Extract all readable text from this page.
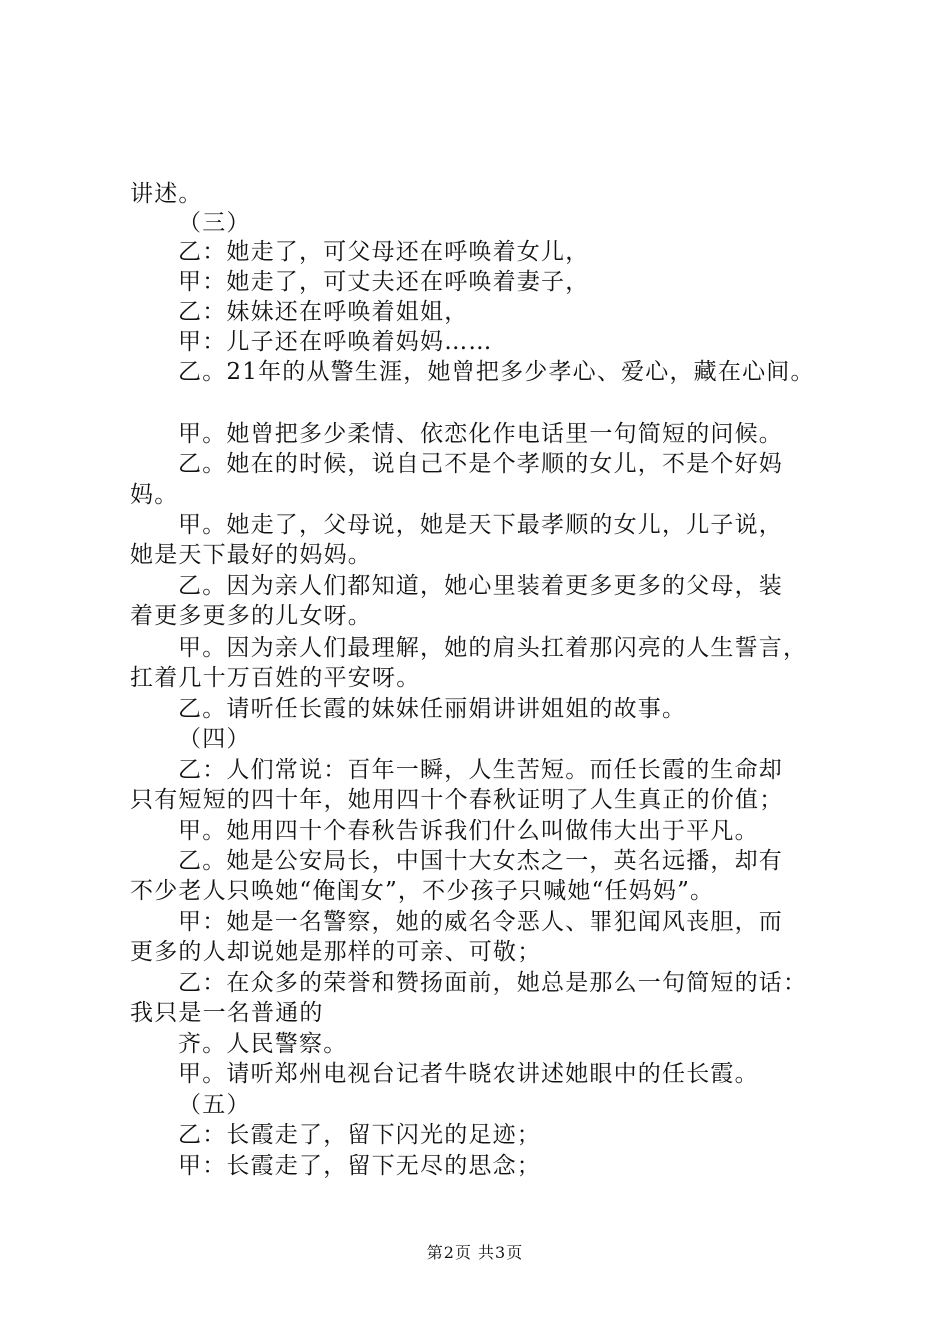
讲述。
（三）
乙：她走了，可父母还在呼唤着女儿，
甲：她走了，可丈夫还在呼唤着妻子，
乙：妹妹还在呼唤着姐姐，
甲：儿子还在呼唤着妈妈……
乙。21年的从警生涯，她曾把多少孝心、爱心，藏在心间。
甲。她曾把多少柔情、依恋化作电话里一句简短的问候。
乙。她在的时候，说自己不是个孝顺的女儿，不是个好妈
妈。
甲。她走了，父母说，她是天下最孝顺的女儿，儿子说，
她是天下最好的妈妈。
乙。因为亲人们都知道，她心里装着更多更多的父母，装
着更多更多的儿女呀。
甲。因为亲人们最理解，她的肩头扛着那闪亮的人生誓言，
扛着几十万百姓的平安呀。
乙。请听任长霞的妹妹任丽娟讲讲姐姐的故事。
（四）
乙：人们常说：百年一瞬，人生苦短。而任长霞的生命却
只有短短的四十年，她用四十个春秋证明了人生真正的价值；
甲。她用四十个春秋告诉我们什么叫做伟大出于平凡。
乙。她是公安局长，中国十大女杰之一，英名远播，却有
不少老人只唤她“俺闺女”，不少孩子只喊她“任妈妈”。
甲：她是一名警察，她的威名令恶人、罪犯闻风丧胆，而
更多的人却说她是那样的可亲、可敬；
乙：在众多的荣誉和赞扬面前，她总是那么一句简短的话：
我只是一名普通的
齐。人民警察。
甲。请听郑州电视台记者牛晓农讲述她眼中的任长霞。
（五）
乙：长霞走了，留下闪光的足迹；
甲：长霞走了，留下无尽的思念；
第2页 共3页
